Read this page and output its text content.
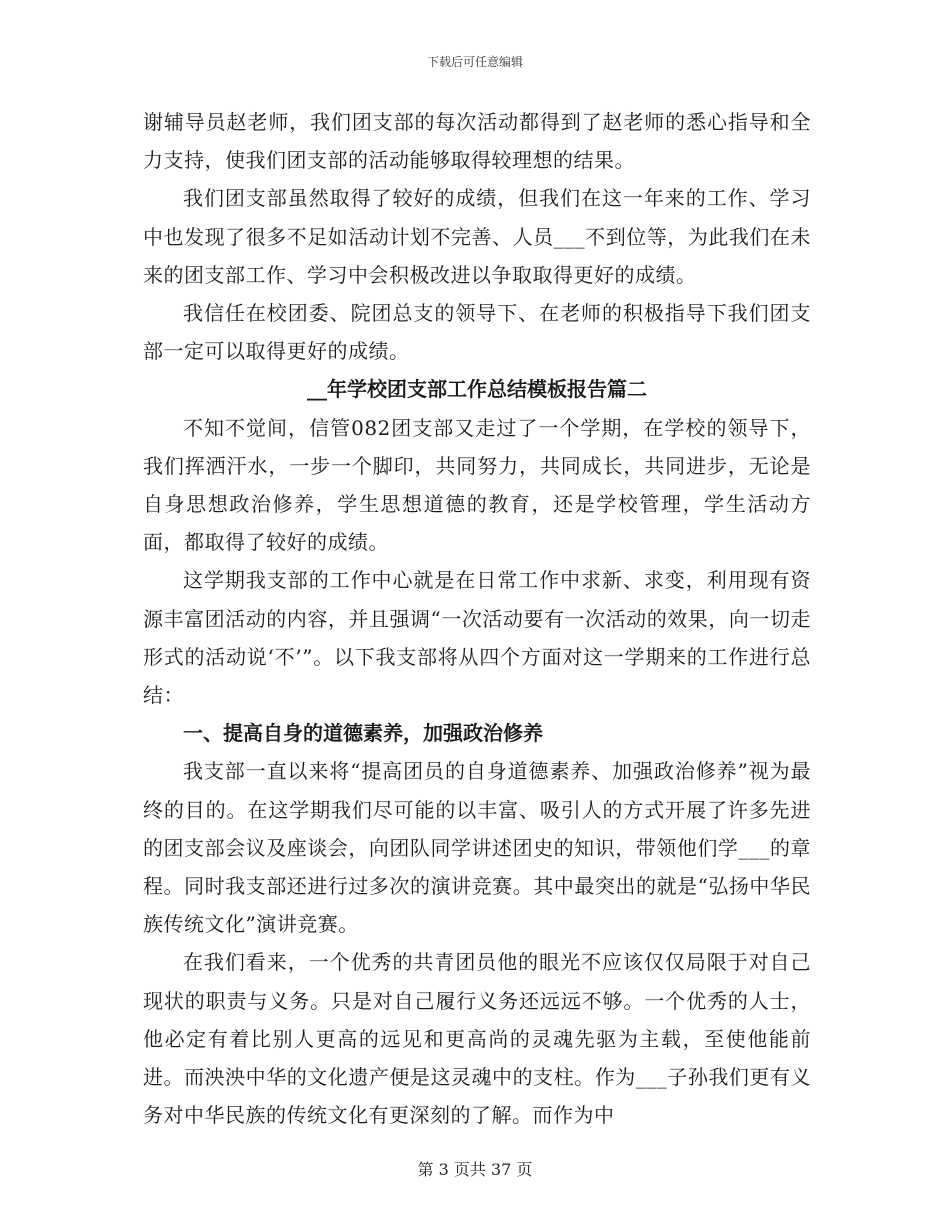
下载后可任意编辑

谢辅导员赵老师，我们团支部的每次活动都得到了赵老师的悉心指导和全力支持，使我们团支部的活动能够取得较理想的结果。

我们团支部虽然取得了较好的成绩，但我们在这一年来的工作、学习中也发现了很多不足如活动计划不完善、人员___不到位等，为此我们在未来的团支部工作、学习中会积极改进以争取取得更好的成绩。

我信任在校团委、院团总支的领导下、在老师的积极指导下我们团支部一定可以取得更好的成绩。

__年学校团支部工作总结模板报告篇二

不知不觉间，信管082团支部又走过了一个学期，在学校的领导下，我们挥洒汗水，一步一个脚印，共同努力，共同成长，共同进步，无论是自身思想政治修养，学生思想道德的教育，还是学校管理，学生活动方面，都取得了较好的成绩。

这学期我支部的工作中心就是在日常工作中求新、求变，利用现有资源丰富团活动的内容，并且强调“一次活动要有一次活动的效果，向一切走形式的活动说‘不’”。以下我支部将从四个方面对这一学期来的工作进行总结：

一、提高自身的道德素养，加强政治修养

我支部一直以来将“提高团员的自身道德素养、加强政治修养”视为最终的目的。在这学期我们尽可能的以丰富、吸引人的方式开展了许多先进的团支部会议及座谈会，向团队同学讲述团史的知识，带领他们学___的章程。同时我支部还进行过多次的演讲竞赛。其中最突出的就是“弘扬中华民族传统文化”演讲竞赛。

在我们看来，一个优秀的共青团员他的眼光不应该仅仅局限于对自己现状的职责与义务。只是对自己履行义务还远远不够。一个优秀的人士，他必定有着比别人更高的远见和更高尚的灵魂先驱为主载，至使他能前进。而泱泱中华的文化遗产便是这灵魂中的支柱。作为___子孙我们更有义务对中华民族的传统文化有更深刻的了解。而作为中

第 3 页共 37 页
